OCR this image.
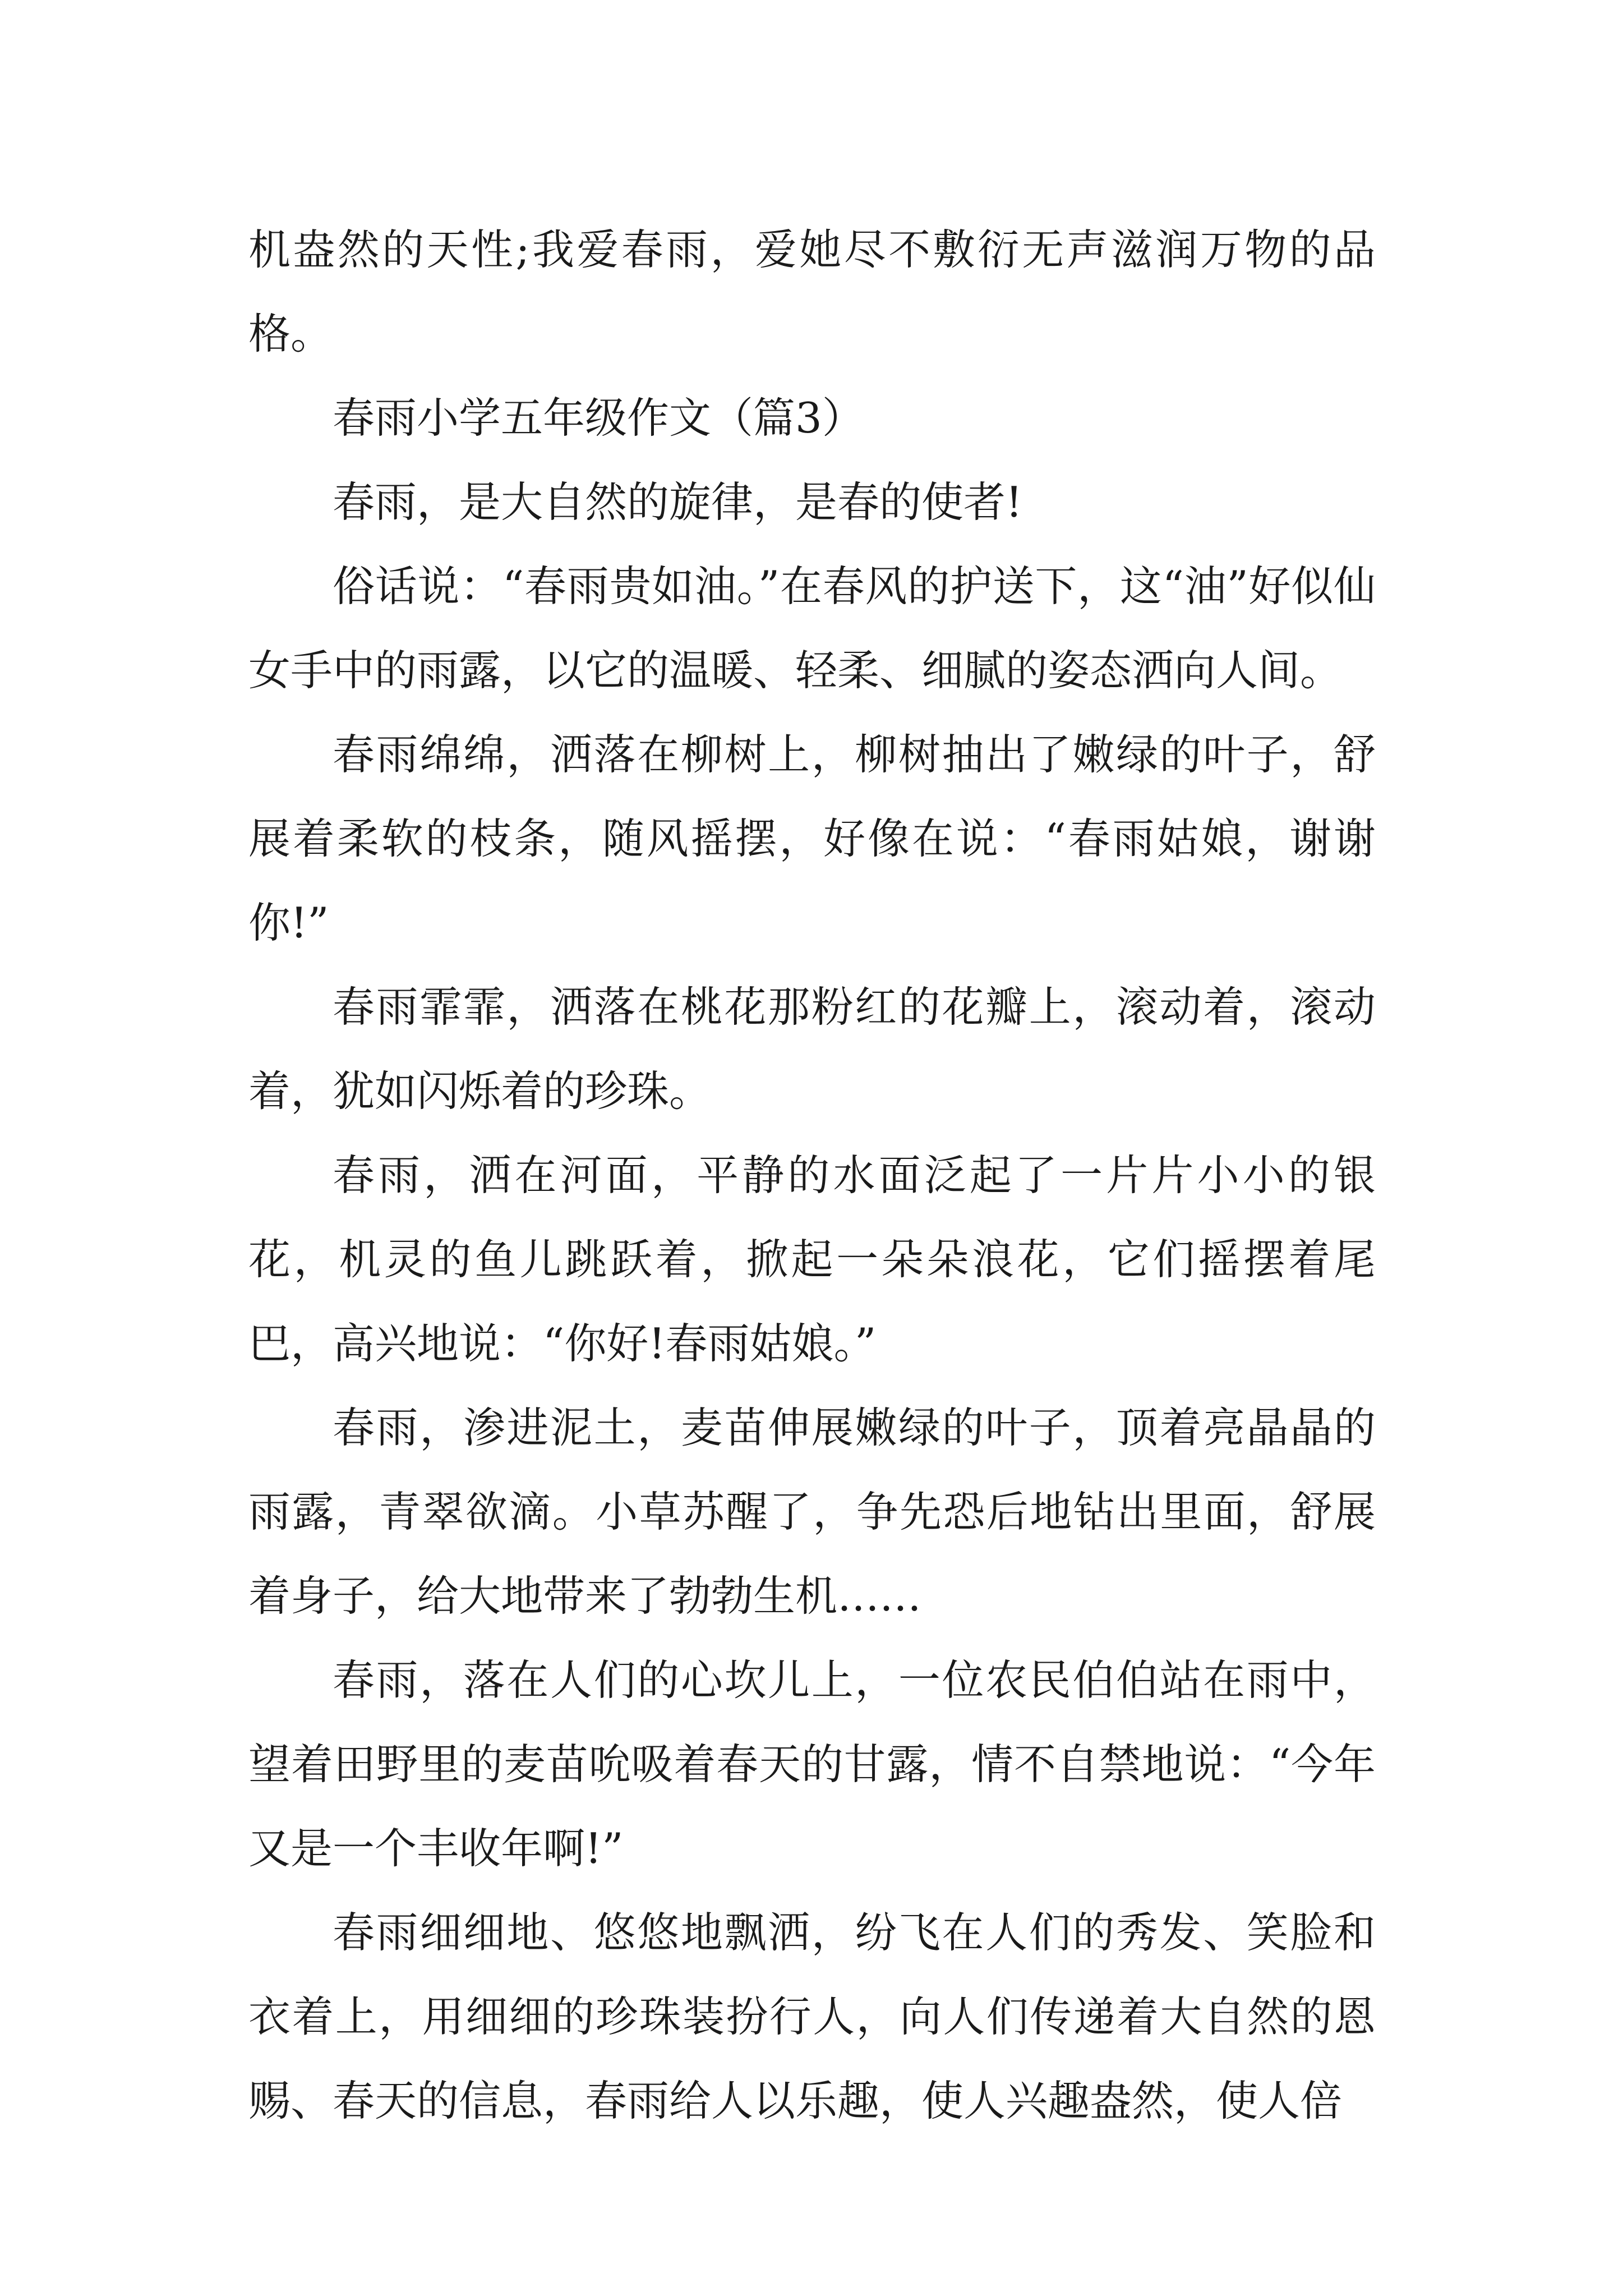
机盎然的天性;我爱春雨，爱她尽不敷衍无声滋润万物的品格。

春雨小学五年级作文（篇3）

春雨，是大自然的旋律，是春的使者!

俗话说：“春雨贵如油。”在春风的护送下，这“油”好似仙女手中的雨露，以它的温暖、轻柔、细腻的姿态洒向人间。

春雨绵绵，洒落在柳树上，柳树抽出了嫩绿的叶子，舒展着柔软的枝条，随风摇摆，好像在说：“春雨姑娘，谢谢你!”

春雨霏霏，洒落在桃花那粉红的花瓣上，滚动着，滚动着，犹如闪烁着的珍珠。

春雨，洒在河面，平静的水面泛起了一片片小小的银花，机灵的鱼儿跳跃着，掀起一朵朵浪花，它们摇摆着尾巴，高兴地说：“你好!春雨姑娘。”

春雨，渗进泥土，麦苗伸展嫩绿的叶子，顶着亮晶晶的雨露，青翠欲滴。小草苏醒了，争先恐后地钻出里面，舒展着身子，给大地带来了勃勃生机……

春雨，落在人们的心坎儿上，一位农民伯伯站在雨中，望着田野里的麦苗吮吸着春天的甘露，情不自禁地说：“今年又是一个丰收年啊!”

春雨细细地、悠悠地飘洒，纷飞在人们的秀发、笑脸和衣着上，用细细的珍珠装扮行人，向人们传递着大自然的恩赐、春天的信息，春雨给人以乐趣，使人兴趣盎然，使人倍
